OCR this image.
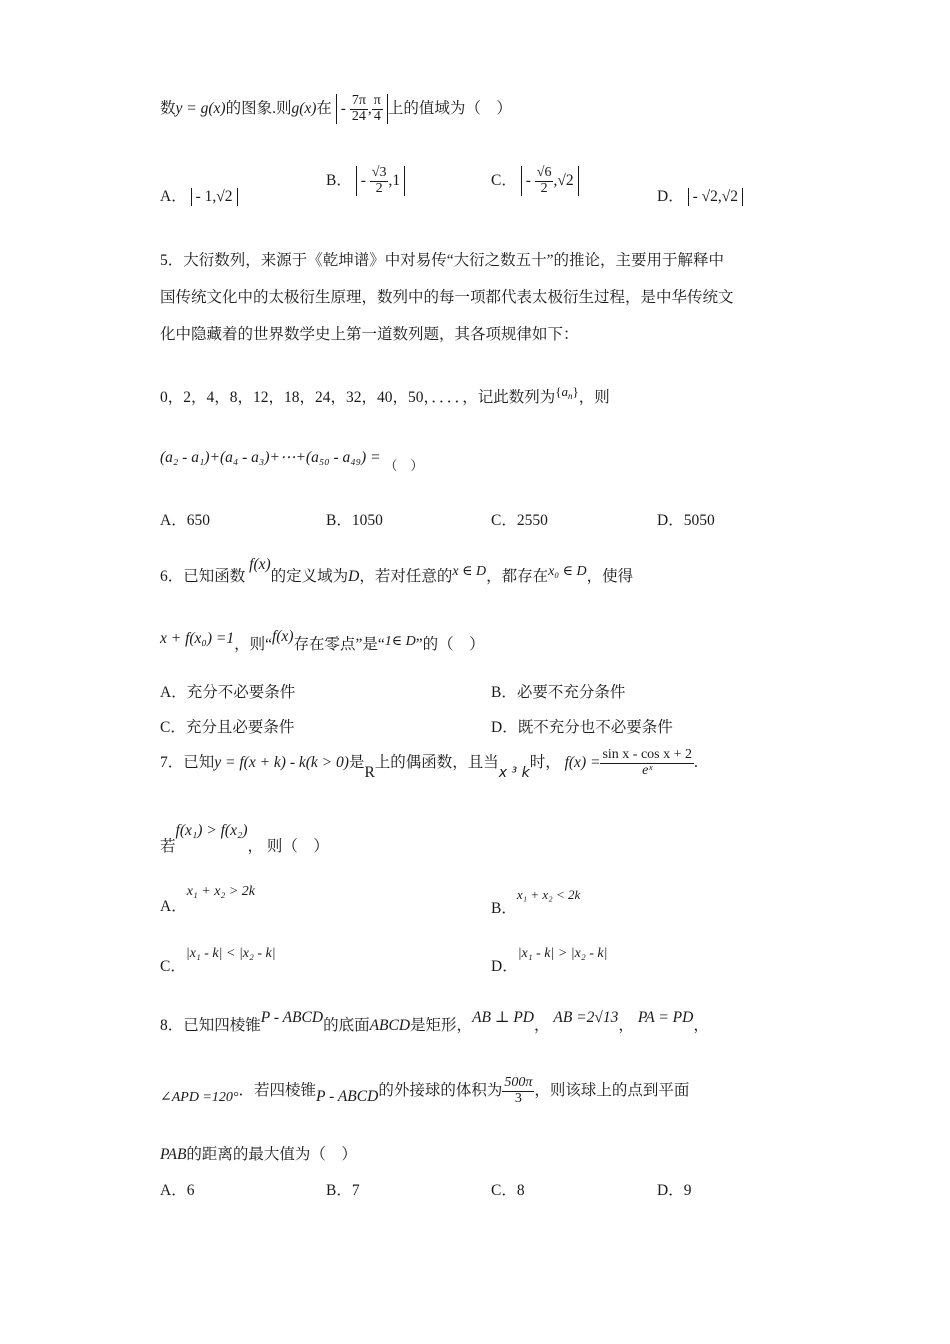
数y = g(x)的图象.则g(x)在 - $\frac{7\pi}{24}$ , $\frac{\pi}{4}$ 上的值域为（　）
A． - 1,√2
B． - $\frac{√3}{2} ,1$	C． - $\frac{√6}{2} ,√2$
D． - √2,√2
5．大衍数列，来源于《乾坤谱》中对易传“大衍之数五十”的推论，主要用于解释中
国传统文化中的太极衍生原理，数列中的每一项都代表太极衍生过程，是中华传统文
化中隐藏着的世界数学史上第一道数列题，其各项规律如下：
0，2，4，8，12，18，24，32，40，50，．．．．，记此数列为$\{a_n\}$，则
(a₂ - a₁)+(a₄ - a₃)+⋯+(a₅₀ - a₄₉) = $_{( )}$
A．650	B．1050	C．2550	D．5050
6．已知函数 f(x)的定义域为D，若对任意的x ∈ D，都存在x₀ ∈ D，使得
x + f(x₀) =1，则“f(x)存在零点”是“1∈ D”的（　）
A．充分不必要条件	B．必要不充分条件
C．充分且必要条件	D．既不充分也不必要条件
7．已知y = f(x + k) - k(k > 0)是R上的偶函数，且当x ³ k时， $f(x) = \frac{\text{sin x - cos x + 2}}{\text{eˣ}}$ .
若f(x₁) > f(x₂)， 则（　）
A．x₁ + x₂ > 2k
B．x₁ + x₂ < 2k
C．|x₁ - k| < |x₂ - k|
D．|x₁ - k| > |x₂ - k|
8．已知四棱锥P - ABCD的底面ABCD是矩形，AB ⊥ PD， AB =2√13， PA = PD，
∠APD =120°．若四棱锥P - ABCD的外接球的体积为 $\frac{500\pi}{3}$ ，则该球上的点到平面
PAB的距离的最大值为（　）
A．6	B．7	C．8	D．9
